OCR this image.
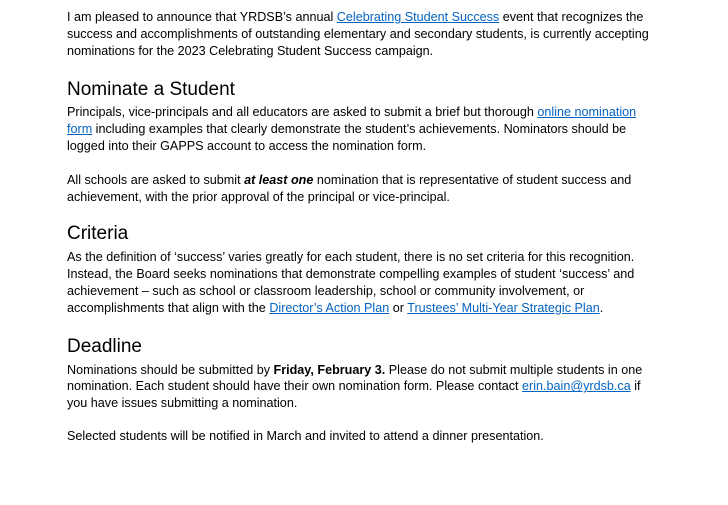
I am pleased to announce that YRDSB’s annual Celebrating Student Success event that recognizes the success and accomplishments of outstanding elementary and secondary students, is currently accepting nominations for the 2023 Celebrating Student Success campaign.

Nominate a Student

Principals, vice-principals and all educators are asked to submit a brief but thorough online nomination form including examples that clearly demonstrate the student’s achievements. Nominators should be logged into their GAPPS account to access the nomination form.

All schools are asked to submit at least one nomination that is representative of student success and achievement, with the prior approval of the principal or vice-principal.

Criteria

As the definition of ‘success’ varies greatly for each student, there is no set criteria for this recognition. Instead, the Board seeks nominations that demonstrate compelling examples of student ‘success’ and achievement – such as school or classroom leadership, school or community involvement, or accomplishments that align with the Director’s Action Plan or Trustees’ Multi-Year Strategic Plan.

Deadline

Nominations should be submitted by Friday, February 3. Please do not submit multiple students in one nomination. Each student should have their own nomination form. Please contact erin.bain@yrdsb.ca if you have issues submitting a nomination.

Selected students will be notified in March and invited to attend a dinner presentation.
